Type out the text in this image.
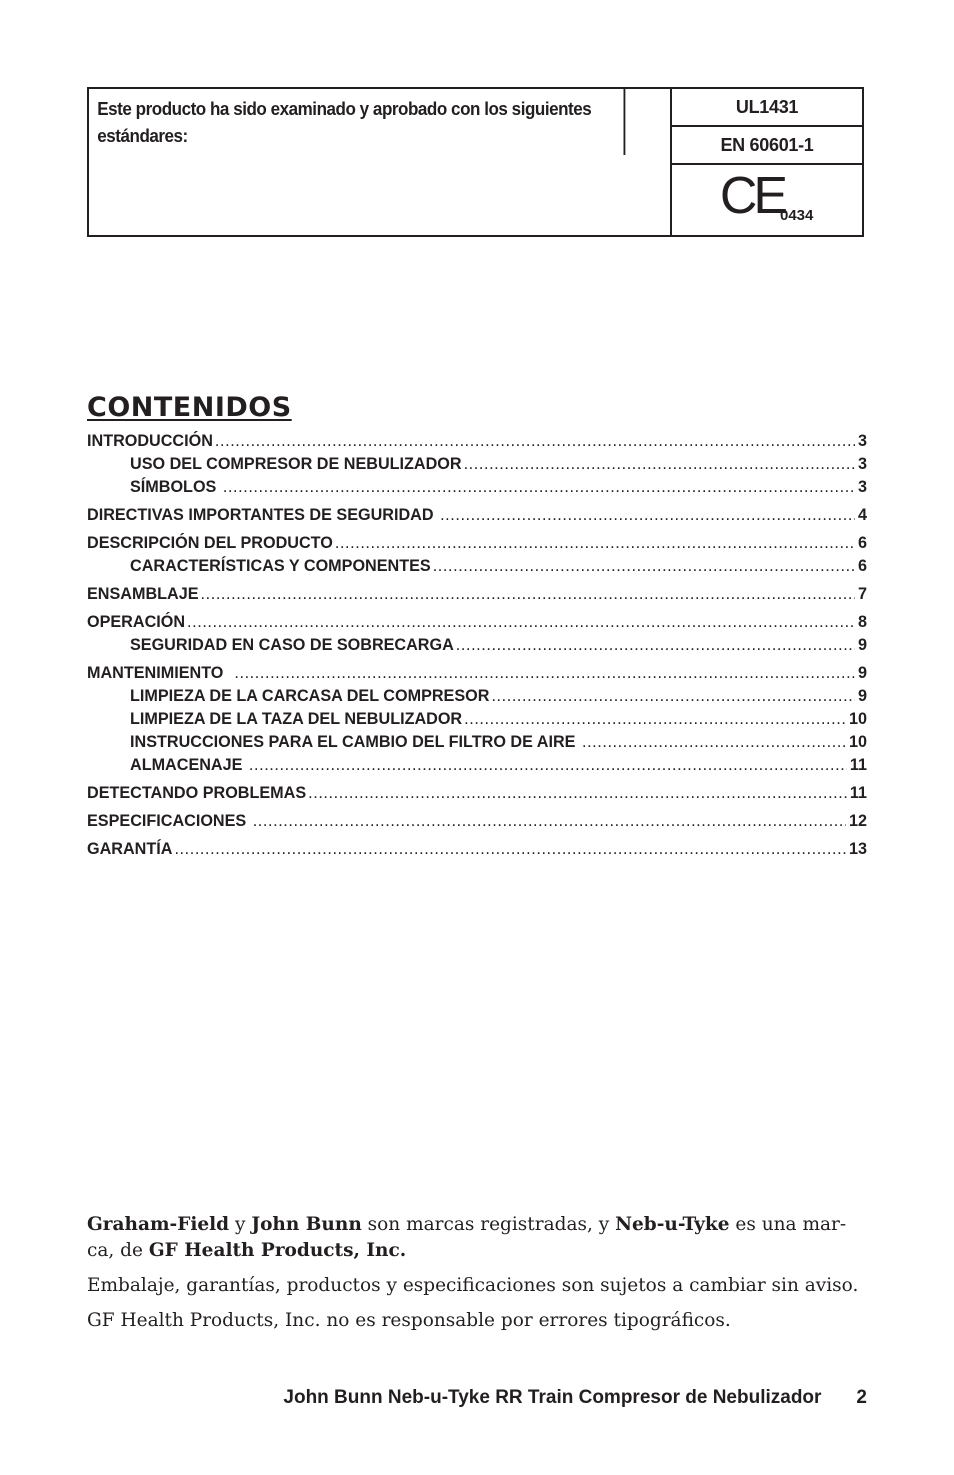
Este producto ha sido examinado y aprobado con los siguientes estándares:
UL1431
EN 60601-1
CE
0434
CONTENIDOS
INTRODUCCIÓN .....	3
USO DEL COMPRESOR DE NEBULIZADOR .....	3
SÍMBOLOS .....	3
DIRECTIVAS IMPORTANTES DE SEGURIDAD .....	4
DESCRIPCIÓN DEL PRODUCTO .....	6
CARACTERÍSTICAS Y COMPONENTES .....	6
ENSAMBLAJE .....	7
OPERACIÓN .....	8
SEGURIDAD EN CASO DE SOBRECARGA .....	9
MANTENIMIENTO .....	9
LIMPIEZA DE LA CARCASA DEL COMPRESOR .....	9
LIMPIEZA DE LA TAZA DEL NEBULIZADOR .....	10
INSTRUCCIONES PARA EL CAMBIO DEL FILTRO DE AIRE .....	10
ALMACENAJE .....	11
DETECTANDO PROBLEMAS .....	11
ESPECIFICACIONES .....	12
GARANTÍA .....	13

Graham-Field y John Bunn son marcas registradas, y Neb-u-Tyke es una mar-ca, de GF Health Products, Inc.

Embalaje, garantías, productos y especificaciones son sujetos a cambiar sin aviso.

GF Health Products, Inc. no es responsable por errores tipográficos.

John Bunn Neb-u-Tyke RR Train Compresor de Nebulizador 2
